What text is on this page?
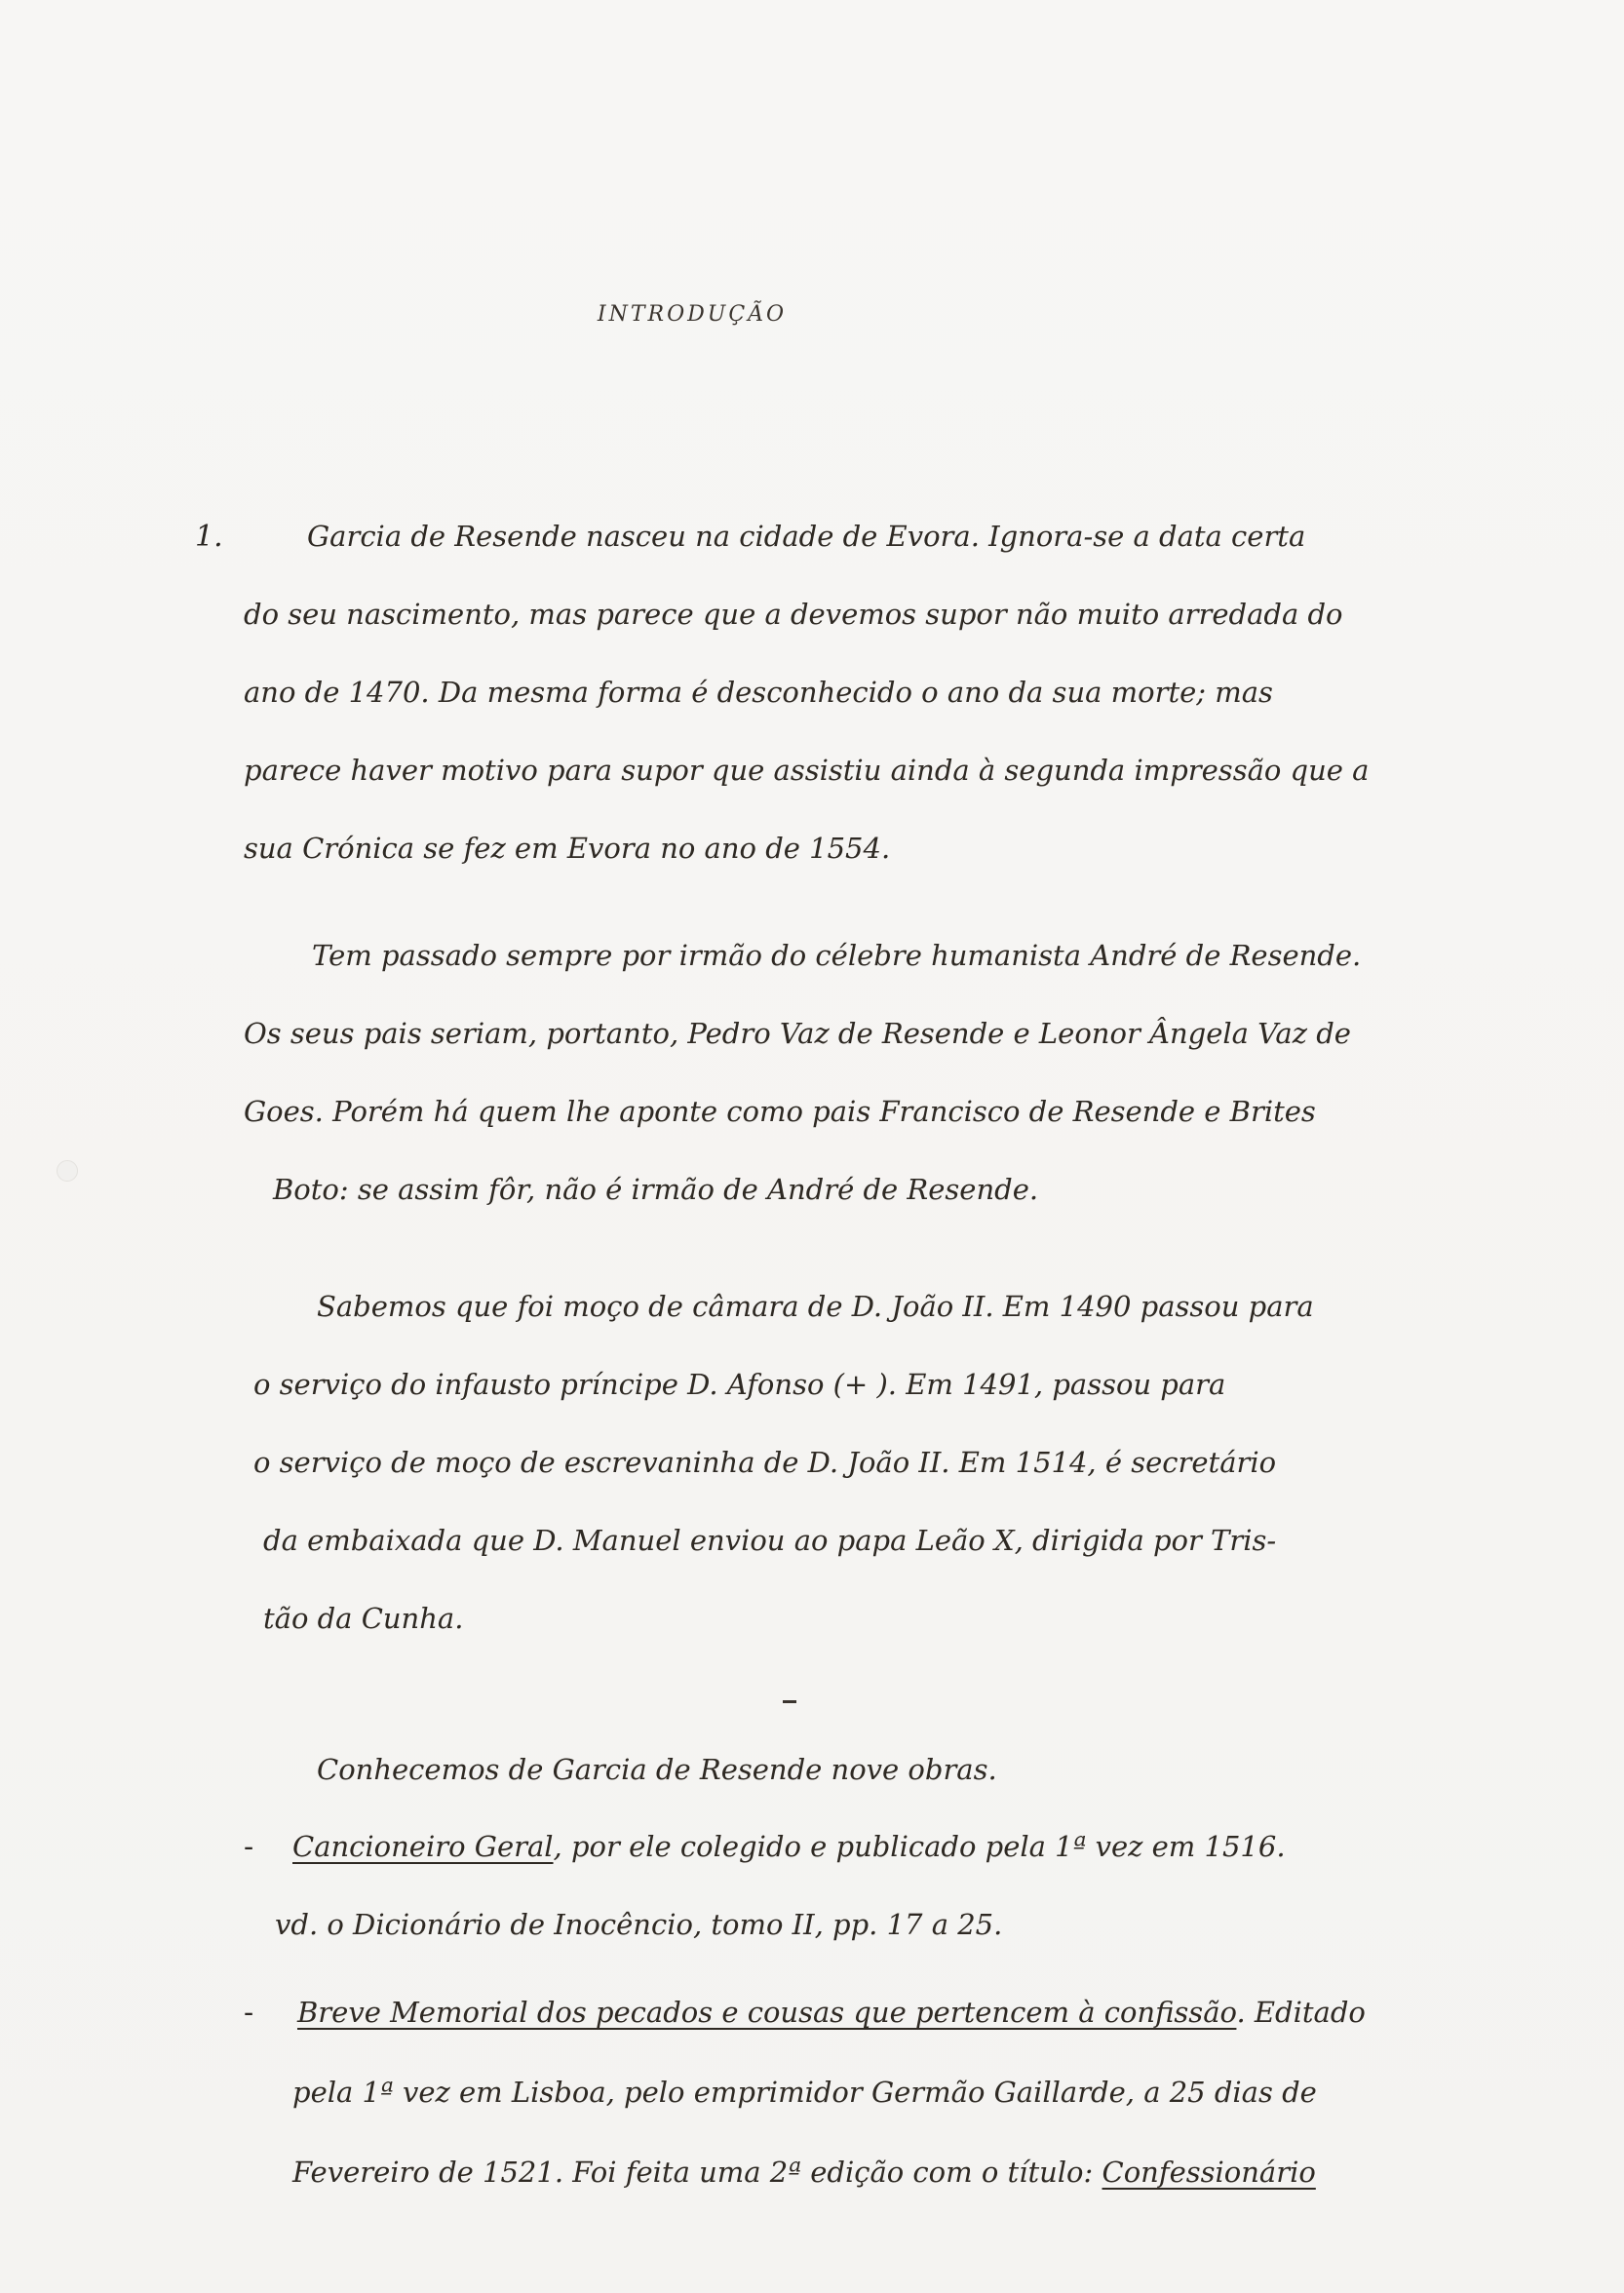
INTRODUÇÃO
1.	Garcia de Resende nasceu na cidade de Evora. Ignora-se a data certa
do seu nascimento, mas parece que a devemos supor não muito arredada do
ano de 1470. Da mesma forma é desconhecido o ano da sua morte; mas
parece haver motivo para supor que assistiu ainda à segunda impressão que a
sua Crónica se fez em Evora no ano de 1554.
Tem passado sempre por irmão do célebre humanista André de Resende.
Os seus pais seriam, portanto, Pedro Vaz de Resende e Leonor Ângela Vaz de
Goes. Porém há quem lhe aponte como pais Francisco de Resende e Brites
Boto: se assim fôr, não é irmão de André de Resende.
Sabemos que foi moço de câmara de D. João II. Em 1490 passou para
o serviço do infausto príncipe D. Afonso (+ ). Em 1491, passou para
o serviço de moço de escrevaninha de D. João II. Em 1514, é secretário
da embaixada que D. Manuel enviou ao papa Leão X, dirigida por Tris-
tão da Cunha.
Conhecemos de Garcia de Resende nove obras.
- Cancioneiro Geral, por ele colegido e publicado pela 1ª vez em 1516.
vd. o Dicionário de Inocêncio, tomo II, pp. 17 a 25.
- Breve Memorial dos pecados e cousas que pertencem à confissão. Editado
pela 1ª vez em Lisboa, pelo emprimidor Germão Gaillarde, a 25 dias de
Fevereiro de 1521. Foi feita uma 2ª edição com o título: Confessionário
